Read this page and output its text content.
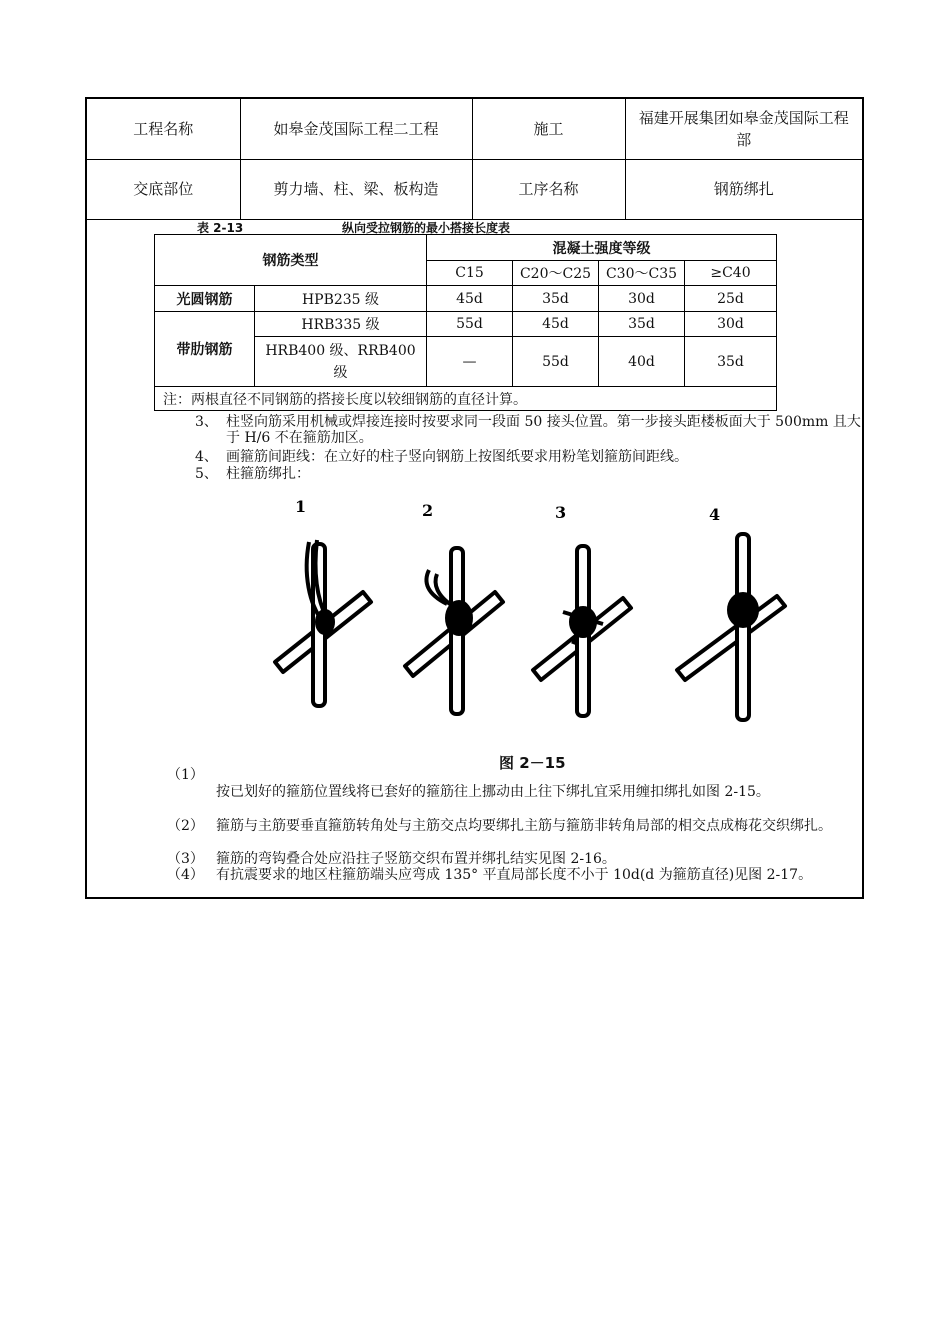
工程名称	如皋金茂国际工程二工程	施工	福建开展集团如皋金茂国际工程部
交底部位	剪力墙、柱、梁、板构造	工序名称	钢筋绑扎
表 2-13	纵向受拉钢筋的最小搭接长度表
钢筋类型		混凝土强度等级			
		C15	C20～C25	C30～C35	≥C40
光圆钢筋	HPB235 级	45d	35d	30d	25d
带肋钢筋	HRB335 级	55d	45d	35d	30d
	HRB400 级、RRB400 级	—	55d	40d	35d
注：两根直径不同钢筋的搭接长度以较细钢筋的直径计算。					
3、 柱竖向筋采用机械或焊接连接时按要求同一段面 50 接头位置。第一步接头距楼板面大于 500mm 且大于 H/6 不在箍筋加区。
4、 画箍筋间距线：在立好的柱子竖向钢筋上按图纸要求用粉笔划箍筋间距线。
5、 柱箍筋绑扎：
1	2	3	4
图 2－15
（1）
按已划好的箍筋位置线将已套好的箍筋往上挪动由上往下绑扎宜采用缠扣绑扎如图 2-15。
（2） 箍筋与主筋要垂直箍筋转角处与主筋交点均要绑扎主筋与箍筋非转角局部的相交点成梅花交织绑扎。
（3） 箍筋的弯钩叠合处应沿拄子竖筋交织布置并绑扎结实见图 2-16。
（4） 有抗震要求的地区柱箍筋端头应弯成 135° 平直局部长度不小于 10d(d 为箍筋直径)见图 2-17。
